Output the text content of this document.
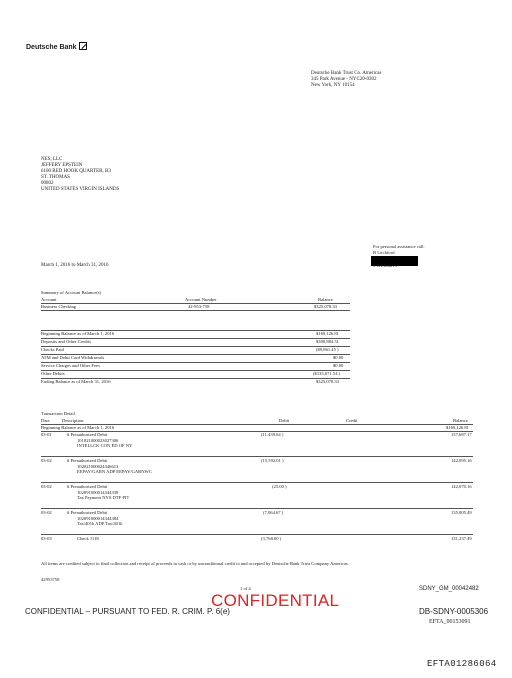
Deutsche Bank
Deutsche Bank Trust Co. Americas
345 Park Avenue - NYC20-0302
New York, NY 10154
NES, LLC
JEFFERY EPSTEIN
6100 RED HOOK QUARTER, B3
ST. THOMAS
00802
UNITED STATES VIRGIN ISLANDS
For personal assistance call:
B Litchford
March 1, 2016 to March 31, 2016	5 Enclosures
Summary of Account Balance(s)
Account	Account Number	Balance
Business Checking	42-953-758	$325,078.33
Beginning Balance as of March 1, 2016	$169,126.81
Deposits and Other Credits	$300,884.51
Checks Paid	($9,861.45 )
ATM and Debit Card Withdrawals	$0.00
Service Charges and Other Fees	$0.00
Other Debits	($135,071.54 )
Ending Balance as of March 31, 2016	$325,078.33
Transaction Detail
Date	Description	Debit	Credit	Balance
Beginning Balance as of March 1, 2016	$169,126.81
03-01	# Preauthorized Debit
101021000023027306
INTELLCK CON ED OF NY
(11,439.64 )	157,687.17
03-02	# Preauthorized Debit
102021000024346613
EEPAY/GARN ADP EEPAY/GARNWC
(15,592.01 )	142,095.16
03-02	# Preauthorized Debit
102091000014344339
Tax Payment NYS DTF PIT
(25.00 )	142,070.16
03-02	# Preauthorized Debit
102091000014344384
Tax/401k ADP Tax/401k
(7,064.67 )	135,005.49
03-03	Check 1118	(3,768.00 )	131,237.49
All items are credited subject to final collection and receipt of proceeds in cash or by unconditional credit to and accepted by Deutsche Bank Trust Company Americas.
42953758
1 of 4	SDNY_GM_00042482
CONFIDENTIAL
CONFIDENTIAL – PURSUANT TO FED. R. CRIM. P. 6(e)	DB-SDNY-0005306
EFTA_00153091
EFTA01286064
